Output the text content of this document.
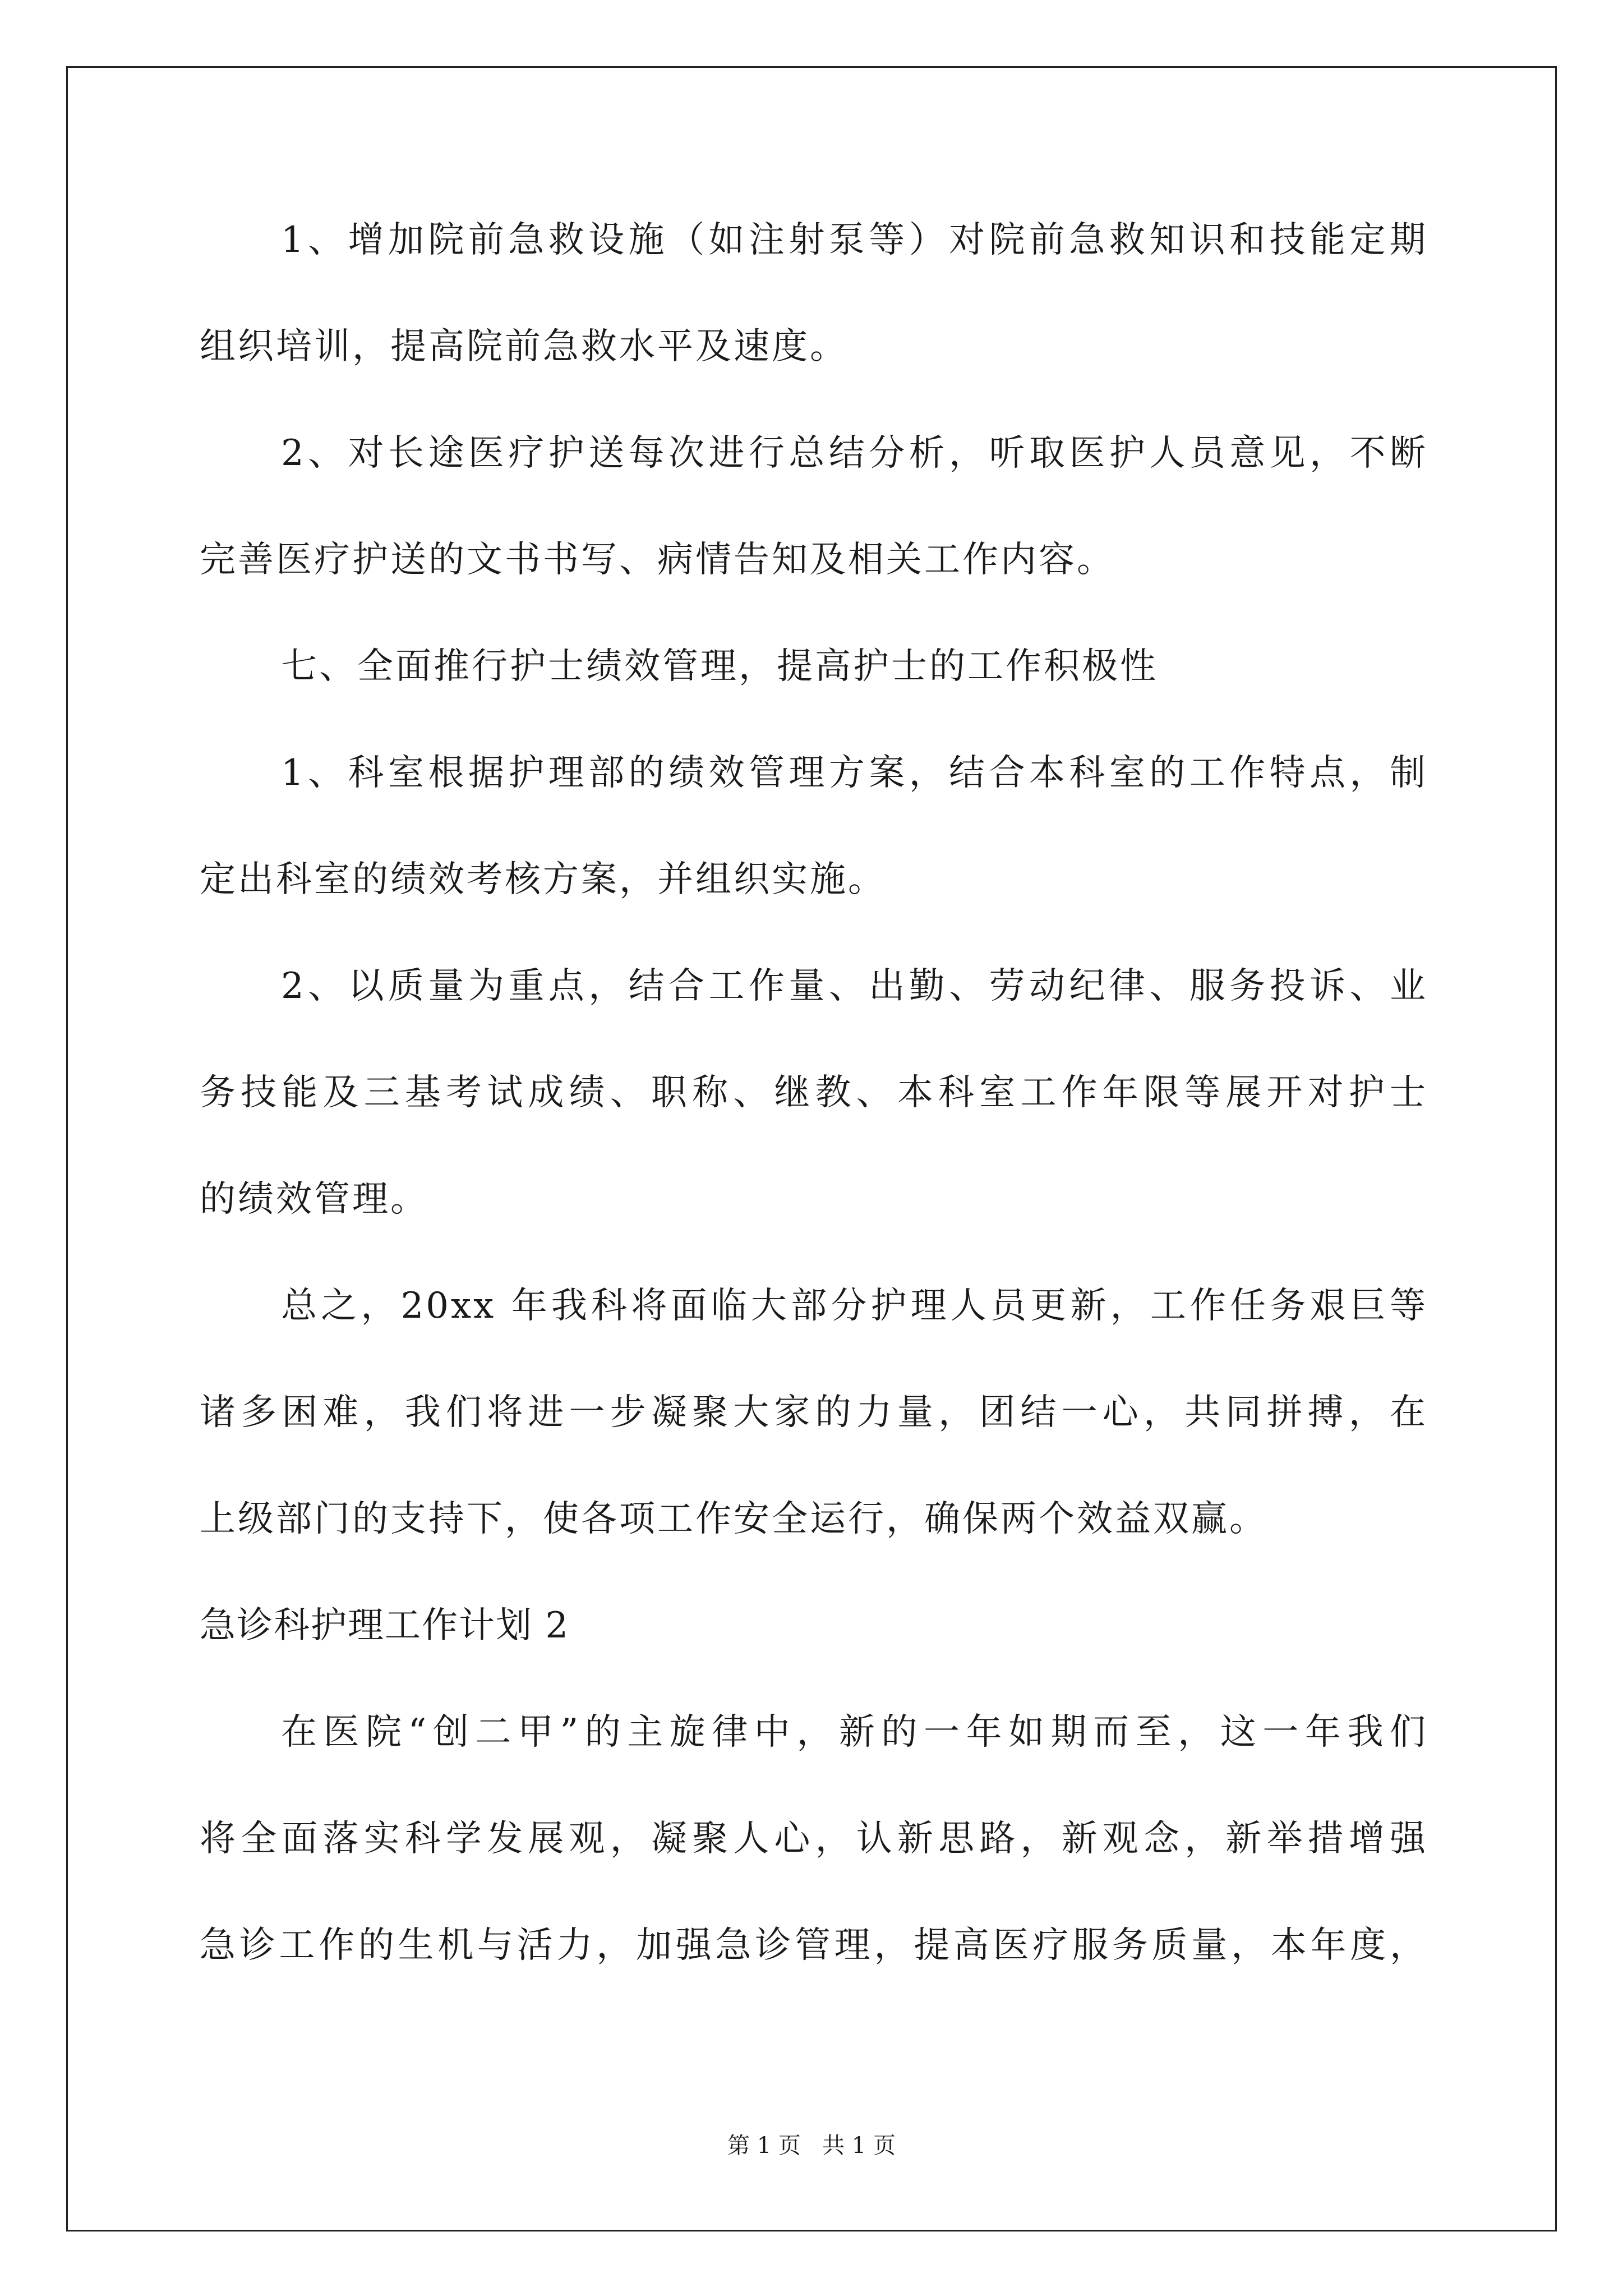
1、增加院前急救设施（如注射泵等）对院前急救知识和技能定期
组织培训，提高院前急救水平及速度。
2、对长途医疗护送每次进行总结分析，听取医护人员意见，不断
完善医疗护送的文书书写、病情告知及相关工作内容。
七、全面推行护士绩效管理，提高护士的工作积极性
1、科室根据护理部的绩效管理方案，结合本科室的工作特点，制
定出科室的绩效考核方案，并组织实施。
2、以质量为重点，结合工作量、出勤、劳动纪律、服务投诉、业
务技能及三基考试成绩、职称、继教、本科室工作年限等展开对护士
的绩效管理。
总之，20xx 年我科将面临大部分护理人员更新，工作任务艰巨等
诸多困难，我们将进一步凝聚大家的力量，团结一心，共同拼搏，在
上级部门的支持下，使各项工作安全运行，确保两个效益双赢。
急诊科护理工作计划 2
在医院“创二甲”的主旋律中，新的一年如期而至，这一年我们
将全面落实科学发展观，凝聚人心，认新思路，新观念，新举措增强
急诊工作的生机与活力，加强急诊管理，提高医疗服务质量，本年度，
第 1 页   共 1 页
